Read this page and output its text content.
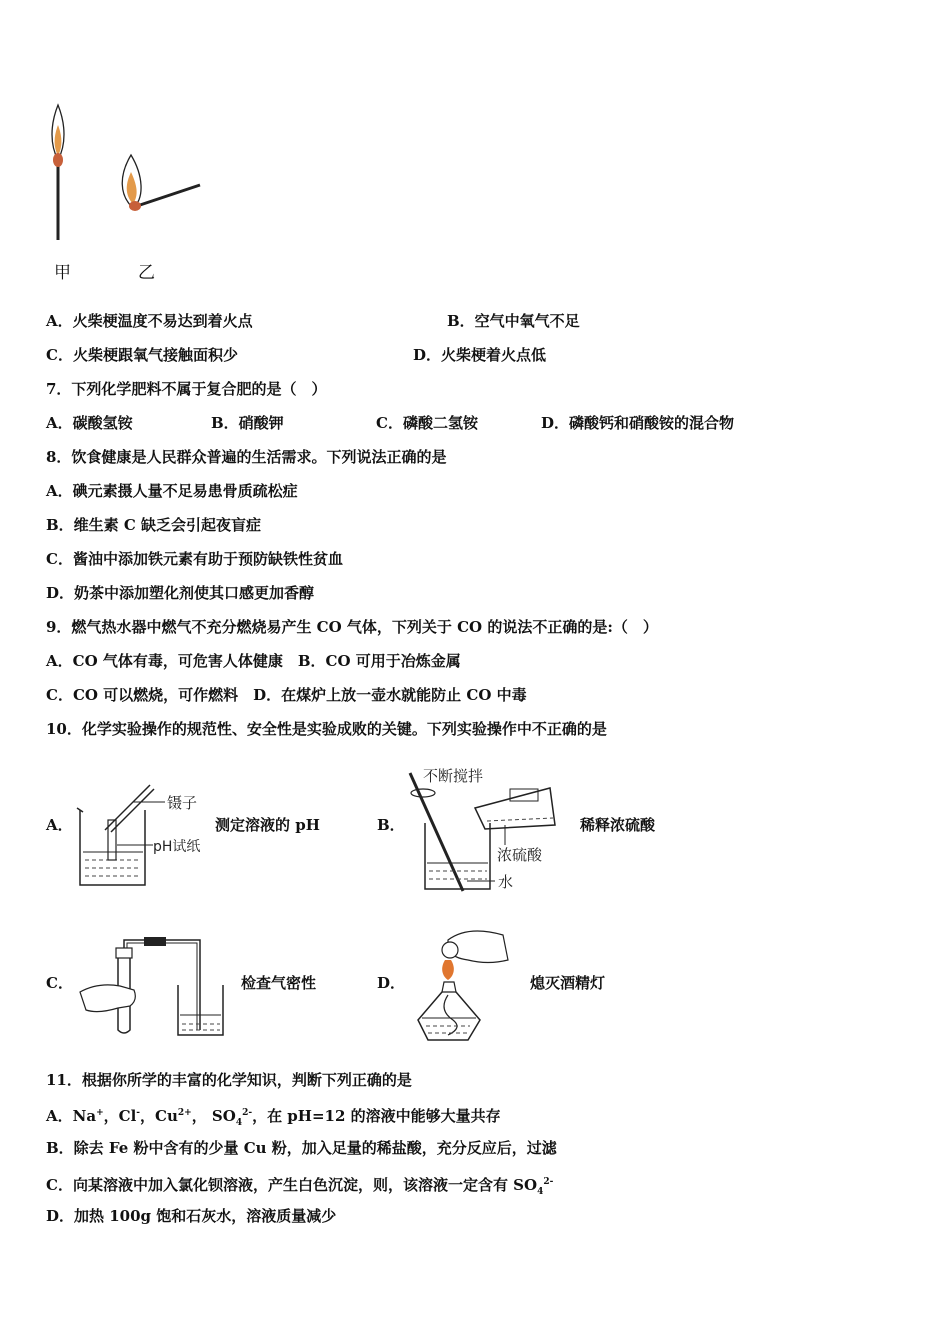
甲	乙
A．火柴梗温度不易达到着火点	B．空气中氧气不足
C．火柴梗跟氧气接触面积少	D．火柴梗着火点低
7．下列化学肥料不属于复合肥的是（　）
A．碳酸氢铵	B．硝酸钾	C．磷酸二氢铵	D．磷酸钙和硝酸铵的混合物
8．饮食健康是人民群众普遍的生活需求。下列说法正确的是
A．碘元素摄人量不足易患骨质疏松症
B．维生素 C 缺乏会引起夜盲症
C．酱油中添加铁元素有助于预防缺铁性贫血
D．奶茶中添加塑化剂使其口感更加香醇
9．燃气热水器中燃气不充分燃烧易产生 CO 气体，下列关于 CO 的说法不正确的是:（　）
A．CO 气体有毒，可危害人体健康　B．CO 可用于冶炼金属
C．CO 可以燃烧，可作燃料　D．在煤炉上放一壶水就能防止 CO 中毒
10．化学实验操作的规范性、安全性是实验成败的关键。下列实验操作中不正确的是
A．
镊子
pH试纸
测定溶液的 pH	B．
不断搅拌
浓硫酸
水
稀释浓硫酸
C．	检查气密性	D．	熄灭酒精灯
11．根据你所学的丰富的化学知识，判断下列正确的是
A．Na+，Cl-，$Cu^{2+}$， $SO_4^{2-}$，在 pH=12 的溶液中能够大量共存
B．除去 Fe 粉中含有的少量 Cu 粉，加入足量的稀盐酸，充分反应后，过滤
C．向某溶液中加入氯化钡溶液，产生白色沉淀，则，该溶液一定含有 $SO_4^{2-}$
D．加热 100g 饱和石灰水，溶液质量减少
